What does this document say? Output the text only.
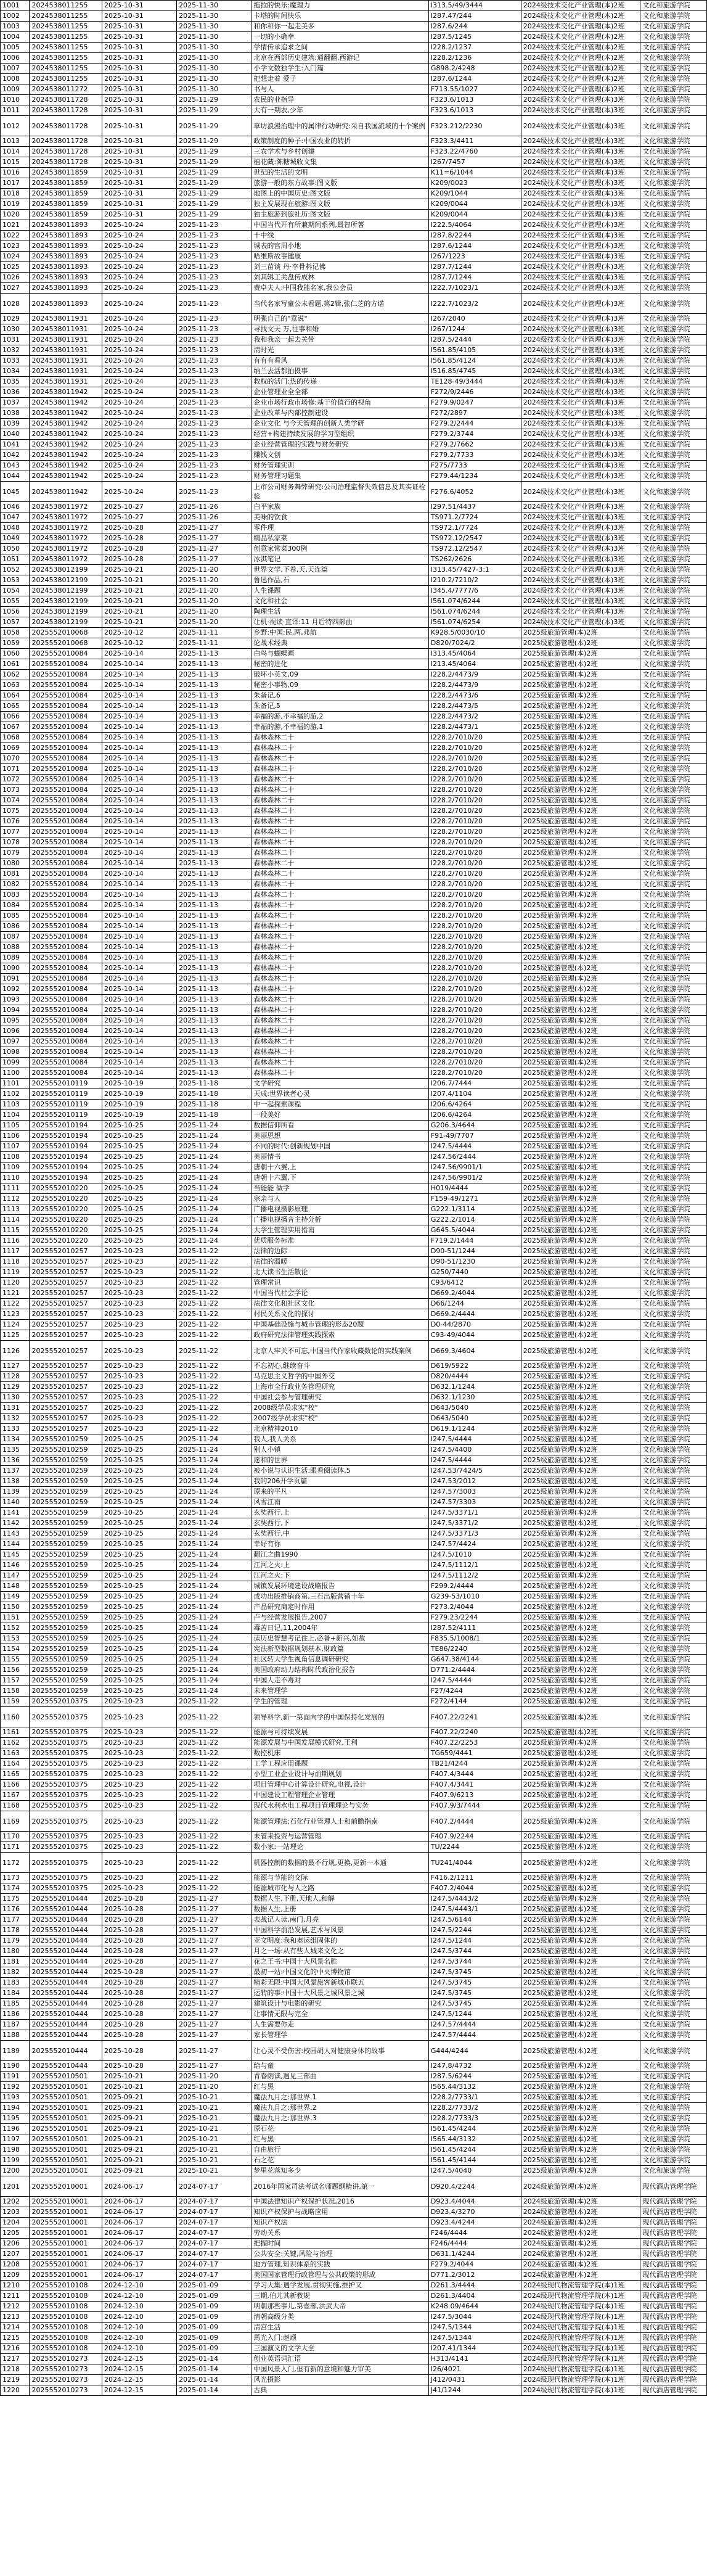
1001	2024538011255	2025-10-31	2025-11-30	拖拉的快乐:魔理力	I313.5/49/3444	2024级技术交化产业管理(本)2班	文化和旅游学院
1002	2024538011255	2025-10-31	2025-11-30	卡塔的时间快乐	I287.47/244	2024级技术交化产业管理(本)2班	文化和旅游学院
1003	2024538011255	2025-10-31	2025-11-30	和你和你一起走美多	I287.6/244	2024级技术交化产业管理(本)2班	文化和旅游学院
1004	2024538011255	2025-10-31	2025-11-30	一切的小确幸	I287.5/1245	2024级技术交化产业管理(本)2班	文化和旅游学院
1005	2024538011255	2025-10-31	2025-11-30	学情传承追求之间	I228.2/1237	2024级技术交化产业管理(本)2班	文化和旅游学院
1006	2024538011255	2025-10-31	2025-11-30	北京在西部历史建筑:通翻翻,西游记	I228.2/1236	2024级技术交化产业管理(本)2班	文化和旅游学院
1007	2024538011255	2025-10-31	2025-11-30	小学文数独学生:入门篇	G898.2/4248	2024级技术交化产业管理(本)2班	文化和旅游学院
1008	2024538011255	2025-10-31	2025-11-30	把想走着 爱子	I287.6/1244	2024级技术交化产业管理(本)2班	文化和旅游学院
1009	2024538011272	2025-10-31	2025-11-30	书与人	F713.55/1027	2024级技术交化产业管理(本)2班	文化和旅游学院
1010	2024538011728	2025-10-31	2025-11-29	农民的业指导	F323.6/1013	2024级技术交化产业管理(本)3班	文化和旅游学院
1011	2024538011728	2025-10-31	2025-11-29	大有一期农,少年	F323.6/1013	2024级技术交化产业管理(本)3班	文化和旅游学院
1012	2024538011728	2025-10-31	2025-11-29	草坊浪漫治理中的属律行动研究:采自我国流域的十个案例	F323.212/2230	2024级技术交化产业管理(本)3班	文化和旅游学院
1013	2024538011728	2025-10-31	2025-11-29	政策制度的种子:中国农业的转折	F323.3/4411	2024级技术交化产业管理(本)3班	文化和旅游学院
1014	2024538011728	2025-10-31	2025-11-29	三农学术与乡村创建	F323.22/4760	2024级技术交化产业管理(本)3班	文化和旅游学院
1015	2024538011728	2025-10-31	2025-11-29	植花藏:陈糖城收文集	I267/7457	2024级技术交化产业管理(本)3班	文化和旅游学院
1016	2024538011859	2025-10-31	2025-11-29	世纪的生活的文明	K11=6/1044	2024级技术交化产业管理(本)3班	文化和旅游学院
1017	2024538011859	2025-10-31	2025-11-29	旅游一般的东方故事:图文版	K209/0023	2024级技术交化产业管理(本)3班	文化和旅游学院
1018	2024538011859	2025-10-31	2025-11-29	地图上的中国历史:图文版	K209/1044	2024级技术交化产业管理(本)3班	文化和旅游学院
1019	2024538011859	2025-10-31	2025-11-29	独主发展现在旅游:图文版	K209/0044	2024级技术交化产业管理(本)3班	文化和旅游学院
1020	2024538011859	2025-10-31	2025-11-29	独主旅游到旅社历:图文版	K209/0044	2024级技术交化产业管理(本)3班	文化和旅游学院
1021	2024538011893	2025-10-24	2025-11-23	中国当代开有所兼期间系列,最智所著	I222.5/4064	2024级技术交化产业管理(本)3班	文化和旅游学院
1022	2024538011893	2025-10-24	2025-11-23	十中线	I287.8/2244	2024级技术交化产业管理(本)3班	文化和旅游学院
1023	2024538011893	2025-10-24	2025-11-23	城表的宫周小地	I287.6/1244	2024级技术交化产业管理(本)3班	文化和旅游学院
1024	2024538011893	2025-10-24	2025-11-23	哈维斯故事健康	I267/1223	2024级技术交化产业管理(本)3班	文化和旅游学院
1025	2024538011893	2025-10-24	2025-11-23	刘三苗谈 丹·李骨料记佛	I287.7/1244	2024级技术交化产业管理(本)3班	文化和旅游学院
1026	2024538011893	2025-10-24	2025-11-23	刘其辑工关盘传成林	I287.7/1244	2024级技术交化产业管理(本)3班	文化和旅游学院
1027	2024538011893	2025-10-24	2025-11-23	费卓夫人:中国我能名家,我公会员	I222.7/1023/1	2024级技术交化产业管理(本)3班	文化和旅游学院
1028	2024538011893	2025-10-24	2025-11-23	当代名家写童公未看题,第2辑,张仁芝的方诺	I222.7/1023/2	2024级技术交化产业管理(本)3班	文化和旅游学院
1029	2024538011931	2025-10-24	2025-11-23	明强自己的"意说"	I267/2040	2024级技术交化产业管理(本)3班	文化和旅游学院
1030	2024538011931	2025-10-24	2025-11-23	寻找文天 万,往事和婚	I267/1244	2024级技术交化产业管理(本)3班	文化和旅游学院
1031	2024538011931	2025-10-24	2025-11-23	我和我亲一起去关带	I287.5/2444	2024级技术交化产业管理(本)3班	文化和旅游学院
1032	2024538011931	2025-10-24	2025-11-23	清时光	I561.85/4105	2024级技术交化产业管理(本)3班	文化和旅游学院
1033	2024538011931	2025-10-24	2025-11-23	有有有看风	I561.85/4124	2024级技术交化产业管理(本)3班	文化和旅游学院
1034	2024538011931	2025-10-24	2025-11-23	纳兰去活都拍摄事	I516.85/4745	2024级技术交化产业管理(本)3班	文化和旅游学院
1035	2024538011931	2025-10-24	2025-11-23	救权的活门:热的传递	TE128-49/3444	2024级技术交化产业管理(本)3班	文化和旅游学院
1036	2024538011942	2025-10-24	2025-11-23	企业管理业全全部	F272/9/2446	2024级技术交化产业管理(本)3班	文化和旅游学院
1037	2024538011942	2025-10-24	2025-11-23	企业市场行政市场修:基于价值行的视角	F279.9/0247	2024级技术交化产业管理(本)3班	文化和旅游学院
1038	2024538011942	2025-10-24	2025-11-23	企业改革与内部控制建设	F272/2897	2024级技术交化产业管理(本)3班	文化和旅游学院
1039	2024538011942	2025-10-24	2025-11-23	企业文化 与今天管理的创新人类学研	F279.2/2444	2024级技术交化产业管理(本)3班	文化和旅游学院
1040	2024538011942	2025-10-24	2025-11-23	经营+构建持续发展的学习型组织	F279.2/3744	2024级技术交化产业管理(本)3班	文化和旅游学院
1041	2024538011942	2025-10-24	2025-11-23	企业经营管理的实践与财务研究	F279.2/7662	2024级技术交化产业管理(本)3班	文化和旅游学院
1042	2024538011942	2025-10-24	2025-11-23	赚钱文创	F279.2/7733	2024级技术交化产业管理(本)3班	文化和旅游学院
1043	2024538011942	2025-10-24	2025-11-23	财务管理实训	F275/7733	2024级技术交化产业管理(本)3班	文化和旅游学院
1044	2024538011942	2025-10-24	2025-11-23	财务管理习题集	F279.44/1234	2024级技术交化产业管理(本)3班	文化和旅游学院
1045	2024538011942	2025-10-24	2025-11-23	上市公司财务舞弊研究:公司治理监督失效信息及其实证检验	F276.6/4052	2024级技术交化产业管理(本)3班	文化和旅游学院
1046	2024538011972	2025-10-27	2025-11-26	白平家族	I297.51/4437	2024级技术交化产业管理(本)3班	文化和旅游学院
1047	2024538011972	2025-10-27	2025-11-26	美味的饮食	TS971.2/7724	2024级技术交化产业管理(本)3班	文化和旅游学院
1048	2024538011972	2025-10-28	2025-11-27	零件理	TS972.1/7724	2024级技术交化产业管理(本)3班	文化和旅游学院
1049	2024538011972	2025-10-28	2025-11-27	精品私家菜	TS972.12/2547	2024级技术交化产业管理(本)3班	文化和旅游学院
1050	2024538011972	2025-10-28	2025-11-27	创意家常菜300例	TS972.12/2547	2024级技术交化产业管理(本)3班	文化和旅游学院
1051	2024538011972	2025-10-28	2025-11-27	冰淇笔记	TS262/2626	2024级技术交化产业管理(本)3班	文化和旅游学院
1052	2024538012199	2025-10-21	2025-11-20	世界文学,下卷,天,天连篇	I313.45/7427-3:1	2024级技术交化产业管理(本)3班	文化和旅游学院
1053	2024538012199	2025-10-21	2025-11-20	鲁迅作品,石	I210.2/7210/2	2024级技术交化产业管理(本)3班	文化和旅游学院
1054	2024538012199	2025-10-21	2025-11-20	人生课题	I345.4/7777/6	2024级技术交化产业管理(本)3班	文化和旅游学院
1055	2024538012199	2025-10-21	2025-11-20	文化和社会	I561.074/6244	2024级技术交化产业管理(本)3班	文化和旅游学院
1056	2024538012199	2025-10-21	2025-11-20	陶理生活	I561.074/6244	2024级技术交化产业管理(本)3班	文化和旅游学院
1057	2024538012199	2025-10-21	2025-11-20	让机·视读·直译:11 月后特四部曲	I561.074/6254	2024级技术交化产业管理(本)3班	文化和旅游学院
1058	2025552010068	2025-10-12	2025-11-11	乡野:中国:民,两,弗航	K928.5/0030/10	2025级旅游管理(本)2班	文化和旅游学院
1059	2025552010068	2025-10-12	2025-11-11	论战术经典	D820/7024/2	2025级旅游管理(本)2班	文化和旅游学院
1060	2025552010084	2025-10-14	2025-11-13	白鸟与蝴蝶画	I313.45/4064	2025级旅游管理(本)2班	文化和旅游学院
1061	2025552010084	2025-10-14	2025-11-13	秘密的进化	I213.45/4064	2025级旅游管理(本)2班	文化和旅游学院
1062	2025552010084	2025-10-14	2025-11-13	破坏小英文,09	I228.2/4473/9	2025级旅游管理(本)2班	文化和旅游学院
1063	2025552010084	2025-10-14	2025-11-13	秘密小事物,09	I228.2/4473/9	2025级旅游管理(本)2班	文化和旅游学院
1064	2025552010084	2025-10-14	2025-11-13	朱备记,6	I228.2/4473/6	2025级旅游管理(本)2班	文化和旅游学院
1065	2025552010084	2025-10-14	2025-11-13	朱备记,5	I228.2/4473/5	2025级旅游管理(本)2班	文化和旅游学院
1066	2025552010084	2025-10-14	2025-11-13	幸福的游,不幸福的游,2	I228.2/4473/2	2025级旅游管理(本)2班	文化和旅游学院
1067	2025552010084	2025-10-14	2025-11-13	幸福的游,不幸福的游,1	I228.2/4473/1	2025级旅游管理(本)2班	文化和旅游学院
1068	2025552010084	2025-10-14	2025-11-13	森林森林二十	I228.2/7010/20	2025级旅游管理(本)2班	文化和旅游学院
1069	2025552010084	2025-10-14	2025-11-13	森林森林二十	I228.2/7010/20	2025级旅游管理(本)2班	文化和旅游学院
1070	2025552010084	2025-10-14	2025-11-13	森林森林二十	I228.2/7010/20	2025级旅游管理(本)2班	文化和旅游学院
1071	2025552010084	2025-10-14	2025-11-13	森林森林二十	I228.2/7010/20	2025级旅游管理(本)2班	文化和旅游学院
1072	2025552010084	2025-10-14	2025-11-13	森林森林二十	I228.2/7010/20	2025级旅游管理(本)2班	文化和旅游学院
1073	2025552010084	2025-10-14	2025-11-13	森林森林二十	I228.2/7010/20	2025级旅游管理(本)2班	文化和旅游学院
1074	2025552010084	2025-10-14	2025-11-13	森林森林二十	I228.2/7010/20	2025级旅游管理(本)2班	文化和旅游学院
1075	2025552010084	2025-10-14	2025-11-13	森林森林二十	I228.2/7010/20	2025级旅游管理(本)2班	文化和旅游学院
1076	2025552010084	2025-10-14	2025-11-13	森林森林二十	I228.2/7010/20	2025级旅游管理(本)2班	文化和旅游学院
1077	2025552010084	2025-10-14	2025-11-13	森林森林二十	I228.2/7010/20	2025级旅游管理(本)2班	文化和旅游学院
1078	2025552010084	2025-10-14	2025-11-13	森林森林二十	I228.2/7010/20	2025级旅游管理(本)2班	文化和旅游学院
1079	2025552010084	2025-10-14	2025-11-13	森林森林二十	I228.2/7010/20	2025级旅游管理(本)2班	文化和旅游学院
1080	2025552010084	2025-10-14	2025-11-13	森林森林二十	I228.2/7010/20	2025级旅游管理(本)2班	文化和旅游学院
1081	2025552010084	2025-10-14	2025-11-13	森林森林二十	I228.2/7010/20	2025级旅游管理(本)2班	文化和旅游学院
1082	2025552010084	2025-10-14	2025-11-13	森林森林二十	I228.2/7010/20	2025级旅游管理(本)2班	文化和旅游学院
1083	2025552010084	2025-10-14	2025-11-13	森林森林二十	I228.2/7010/20	2025级旅游管理(本)2班	文化和旅游学院
1084	2025552010084	2025-10-14	2025-11-13	森林森林二十	I228.2/7010/20	2025级旅游管理(本)2班	文化和旅游学院
1085	2025552010084	2025-10-14	2025-11-13	森林森林二十	I228.2/7010/20	2025级旅游管理(本)2班	文化和旅游学院
1086	2025552010084	2025-10-14	2025-11-13	森林森林二十	I228.2/7010/20	2025级旅游管理(本)2班	文化和旅游学院
1087	2025552010084	2025-10-14	2025-11-13	森林森林二十	I228.2/7010/20	2025级旅游管理(本)2班	文化和旅游学院
1088	2025552010084	2025-10-14	2025-11-13	森林森林二十	I228.2/7010/20	2025级旅游管理(本)2班	文化和旅游学院
1089	2025552010084	2025-10-14	2025-11-13	森林森林二十	I228.2/7010/20	2025级旅游管理(本)2班	文化和旅游学院
1090	2025552010084	2025-10-14	2025-11-13	森林森林二十	I228.2/7010/20	2025级旅游管理(本)2班	文化和旅游学院
1091	2025552010084	2025-10-14	2025-11-13	森林森林二十	I228.2/7010/20	2025级旅游管理(本)2班	文化和旅游学院
1092	2025552010084	2025-10-14	2025-11-13	森林森林二十	I228.2/7010/20	2025级旅游管理(本)2班	文化和旅游学院
1093	2025552010084	2025-10-14	2025-11-13	森林森林二十	I228.2/7010/20	2025级旅游管理(本)2班	文化和旅游学院
1094	2025552010084	2025-10-14	2025-11-13	森林森林二十	I228.2/7010/20	2025级旅游管理(本)2班	文化和旅游学院
1095	2025552010084	2025-10-14	2025-11-13	森林森林二十	I228.2/7010/20	2025级旅游管理(本)2班	文化和旅游学院
1096	2025552010084	2025-10-14	2025-11-13	森林森林二十	I228.2/7010/20	2025级旅游管理(本)2班	文化和旅游学院
1097	2025552010084	2025-10-14	2025-11-13	森林森林二十	I228.2/7010/20	2025级旅游管理(本)2班	文化和旅游学院
1098	2025552010084	2025-10-14	2025-11-13	森林森林二十	I228.2/7010/20	2025级旅游管理(本)2班	文化和旅游学院
1099	2025552010084	2025-10-14	2025-11-13	森林森林二十	I228.2/7010/20	2025级旅游管理(本)2班	文化和旅游学院
1100	2025552010084	2025-10-14	2025-11-13	森林森林二十	I228.2/7010/20	2025级旅游管理(本)2班	文化和旅游学院
1101	2025552010119	2025-10-19	2025-11-18	文学研究	I206.7/7444	2025级旅游管理(本)2班	文化和旅游学院
1102	2025552010119	2025-10-19	2025-11-18	天成:世界读者心灵	I207.4/1104	2025级旅游管理(本)2班	文化和旅游学院
1103	2025552010119	2025-10-19	2025-11-18	中一起探索课程	I206.6/4264	2025级旅游管理(本)2班	文化和旅游学院
1104	2025552010119	2025-10-19	2025-11-18	一段美好	I206.6/4264	2025级旅游管理(本)2班	文化和旅游学院
1105	2025552010194	2025-10-25	2025-11-24	数据信仰所看	G206.3/4644	2025级旅游管理(本)2班	文化和旅游学院
1106	2025552010194	2025-10-25	2025-11-24	美丽思想	F91-49/7707	2025级旅游管理(本)2班	文化和旅游学院
1107	2025552010194	2025-10-25	2025-11-24	不同的时代:创新规划中国	I247.5/4444	2025级旅游管理(本)2班	文化和旅游学院
1108	2025552010194	2025-10-25	2025-11-24	美丽情书	I247.56/2444	2025级旅游管理(本)2班	文化和旅游学院
1109	2025552010194	2025-10-25	2025-11-24	唐朝十六翼,上	I247.56/9901/1	2025级旅游管理(本)2班	文化和旅游学院
1110	2025552010194	2025-10-25	2025-11-24	唐朝十六翼,下	I247.56/9901/2	2025级旅游管理(本)2班	文化和旅游学院
1111	2025552010220	2025-10-25	2025-11-24	当能能 做学	H019/4444	2025级旅游管理(本)2班	文化和旅游学院
1112	2025552010220	2025-10-25	2025-11-24	宗亲与人	F159-49/1271	2025级旅游管理(本)2班	文化和旅游学院
1113	2025552010220	2025-10-25	2025-11-24	广播电视摄影原理	G222.1/3114	2025级旅游管理(本)2班	文化和旅游学院
1114	2025552010220	2025-10-25	2025-11-24	广播电视播音主持分析	G222.2/1014	2025级旅游管理(本)2班	文化和旅游学院
1115	2025552010220	2025-10-25	2025-11-24	大学生管理实用指南	G645.5/4044	2025级旅游管理(本)2班	文化和旅游学院
1116	2025552010220	2025-10-25	2025-11-24	优质服务标准	F719.2/1444	2025级旅游管理(本)2班	文化和旅游学院
1117	2025552010257	2025-10-23	2025-11-22	法律的边际	D90-51/1244	2025级旅游管理(本)2班	文化和旅游学院
1118	2025552010257	2025-10-23	2025-11-22	法律的温暖	D90-51/1230	2025级旅游管理(本)2班	文化和旅游学院
1119	2025552010257	2025-10-23	2025-11-22	北大读书生活散论	G250/7440	2025级旅游管理(本)2班	文化和旅游学院
1120	2025552010257	2025-10-23	2025-11-22	管理常识	C93/6412	2025级旅游管理(本)2班	文化和旅游学院
1121	2025552010257	2025-10-23	2025-11-22	中国当代社会学论	D669.2/4044	2025级旅游管理(本)2班	文化和旅游学院
1122	2025552010257	2025-10-23	2025-11-22	法律文化和社区文化	D66/1244	2025级旅游管理(本)2班	文化和旅游学院
1123	2025552010257	2025-10-23	2025-11-22	村民关系文化的探讨	D669.2/4444	2025级旅游管理(本)2班	文化和旅游学院
1124	2025552010257	2025-10-23	2025-11-22	中国基础设施与城市管理的形态20题	D0-44/2870	2025级旅游管理(本)2班	文化和旅游学院
1125	2025552010257	2025-10-23	2025-11-22	政府研究法律管理实践探索	C93-49/4044	2025级旅游管理(本)2班	文化和旅游学院
1126	2025552010257	2025-10-23	2025-11-22	北京人牢关不可忘,中国当代作家收藏数论的实践案例	D669.3/4604	2025级旅游管理(本)2班	文化和旅游学院
1127	2025552010257	2025-10-23	2025-11-22	不忘初心,继续奋斗	D619/5922	2025级旅游管理(本)2班	文化和旅游学院
1128	2025552010257	2025-10-23	2025-11-22	马克思主义哲学的中国外交	D820/4444	2025级旅游管理(本)2班	文化和旅游学院
1129	2025552010257	2025-10-23	2025-11-22	上海市全行政业务管理研究	D632.1/1244	2025级旅游管理(本)2班	文化和旅游学院
1130	2025552010257	2025-10-23	2025-11-22	中国社会参与管理研究	D632.1/1230	2025级旅游管理(本)2班	文化和旅游学院
1131	2025552010257	2025-10-23	2025-11-22	2008级学员求实"校"	D643/5040	2025级旅游管理(本)2班	文化和旅游学院
1132	2025552010257	2025-10-23	2025-11-22	2007级学员求实"校"	D643/5040	2025级旅游管理(本)2班	文化和旅游学院
1133	2025552010257	2025-10-23	2025-11-22	北京精神2010	D619.1/1244	2025级旅游管理(本)2班	文化和旅游学院
1134	2025552010259	2025-10-25	2025-11-24	我人,我人关系	I247.5/4444	2025级旅游管理(本)2班	文化和旅游学院
1135	2025552010259	2025-10-25	2025-11-24	别人小镇	I247.5/4400	2025级旅游管理(本)2班	文化和旅游学院
1136	2025552010259	2025-10-25	2025-11-24	愿和的世界	I247.5/4444	2025级旅游管理(本)2班	文化和旅游学院
1137	2025552010259	2025-10-25	2025-11-24	被小说与认识生活:眼看阅读体,5	I247.53/7424/5	2025级旅游管理(本)2班	文化和旅游学院
1138	2025552010259	2025-10-25	2025-11-24	我的206开学页篇	I247.53/2012	2025级旅游管理(本)2班	文化和旅游学院
1139	2025552010259	2025-10-25	2025-11-24	原来的平凡	I247.57/3003	2025级旅游管理(本)2班	文化和旅游学院
1140	2025552010259	2025-10-25	2025-11-24	风雪江南	I247.57/3303	2025级旅游管理(本)2班	文化和旅游学院
1141	2025552010259	2025-10-25	2025-11-24	玄奘西行,上	I247.5/3371/1	2025级旅游管理(本)2班	文化和旅游学院
1142	2025552010259	2025-10-25	2025-11-24	玄奘西行,下	I247.5/3371/2	2025级旅游管理(本)2班	文化和旅游学院
1143	2025552010259	2025-10-25	2025-11-24	玄奘西行,中	I247.5/3371/3	2025级旅游管理(本)2班	文化和旅游学院
1144	2025552010259	2025-10-25	2025-11-24	幸好有你	I247.57/4424	2025级旅游管理(本)2班	文化和旅游学院
1145	2025552010259	2025-10-25	2025-11-24	翻江之曲1990	I247.5/1010	2025级旅游管理(本)2班	文化和旅游学院
1146	2025552010259	2025-10-25	2025-11-24	江河之火:上	I247.5/1112/1	2025级旅游管理(本)2班	文化和旅游学院
1147	2025552010259	2025-10-25	2025-11-24	江河之火:下	I247.5/1112/2	2025级旅游管理(本)2班	文化和旅游学院
1148	2025552010259	2025-10-25	2025-11-24	城镇发展环境建设战略报告	F299.2/4444	2025级旅游管理(本)2班	文化和旅游学院
1149	2025552010259	2025-10-25	2025-11-24	成功出版推销商第,三石出版营销十年	G239-53/1010	2025级旅游管理(本)2班	文化和旅游学院
1150	2025552010259	2025-10-25	2025-11-24	产品研究商定时作用	F273.2/4044	2025级旅游管理(本)2班	文化和旅游学院
1151	2025552010259	2025-10-25	2025-11-24	卢与经营发展报告,2007	F279.23/2244	2025级旅游管理(本)2班	文化和旅游学院
1152	2025552010259	2025-10-25	2025-11-24	毒苦日记,11,2004年	I287.52/4111	2025级旅游管理(本)2班	文化和旅游学院
1153	2025552010259	2025-10-25	2025-11-24	读历史智慧考记住上,必备+新兴,如故	F835.5/1008/1	2025级旅游管理(本)2班	文化和旅游学院
1154	2025552010259	2025-10-25	2025-11-24	宪法新型数据规划基本,财政篇	TE86/2240	2025级旅游管理(本)2班	文化和旅游学院
1155	2025552010259	2025-10-25	2025-11-24	社区转大学生视角信息调研研究	G647.38/4144	2025级旅游管理(本)2班	文化和旅游学院
1156	2025552010259	2025-10-25	2025-11-24	美国政府动力结构时代政治化报告	D771.2/4444	2025级旅游管理(本)2班	文化和旅游学院
1157	2025552010259	2025-10-25	2025-11-24	中国人走不毒对	I247.5/4444	2025级旅游管理(本)2班	文化和旅游学院
1158	2025552010259	2025-10-25	2025-11-24	未来管理学	F27/4244	2025级旅游管理(本)2班	文化和旅游学院
1159	2025552010375	2025-10-23	2025-11-22	学生的管理	F272/4144	2025级旅游管理(本)2班	文化和旅游学院
1160	2025552010375	2025-10-23	2025-11-22	领导科学,新一第面向学的中国保持化发展的	F407.22/2241	2025级旅游管理(本)2班	文化和旅游学院
1161	2025552010375	2025-10-23	2025-11-22	能源与可持续发展	F407.22/2240	2025级旅游管理(本)2班	文化和旅游学院
1162	2025552010375	2025-10-23	2025-11-22	能源发展与中国发展模式研究,王利	F407.22/2253	2025级旅游管理(本)2班	文化和旅游学院
1163	2025552010375	2025-10-23	2025-11-22	数控机床	TG659/4441	2025级旅游管理(本)2班	文化和旅游学院
1164	2025552010375	2025-10-23	2025-11-22	工学工程应用课题	TB21/4244	2025级旅游管理(本)2班	文化和旅游学院
1165	2025552010375	2025-10-23	2025-11-22	小型工业企业设计与前期规划	F407.4/3444	2025级旅游管理(本)2班	文化和旅游学院
1166	2025552010375	2025-10-23	2025-11-22	项目管理中心计算设计研究,电视,设计	F407.4/3441	2025级旅游管理(本)2班	文化和旅游学院
1167	2025552010375	2025-10-23	2025-11-22	中国建设工程管理企业管理	F407.9/6213	2025级旅游管理(本)2班	文化和旅游学院
1168	2025552010375	2025-10-23	2025-11-22	现代水利水电工程项目管理理论与实务	F407.9/3/7444	2025级旅游管理(本)2班	文化和旅游学院
1169	2025552010375	2025-10-23	2025-11-22	能源管理法:石化行业管理人士和前瞻指南	F407.2/4444	2025级旅游管理(本)2班	文化和旅游学院
1170	2025552010375	2025-10-23	2025-11-22	未管来投资与运营管理	F407.9/2244	2025级旅游管理(本)2班	文化和旅游学院
1171	2025552010375	2025-10-23	2025-11-22	数小家:一站理论	TU/2244	2025级旅游管理(本)2班	文化和旅游学院
1172	2025552010375	2025-10-23	2025-11-22	机器控制的数据的最不行规,更换,更新一本通	TU241/4044	2025级旅游管理(本)2班	文化和旅游学院
1173	2025552010375	2025-10-23	2025-11-22	能源与节能的交际	F416.2/1211	2025级旅游管理(本)2班	文化和旅游学院
1174	2025552010375	2025-10-23	2025-11-22	能源城市化与人之路	F407.2/4044	2025级旅游管理(本)2班	文化和旅游学院
1175	2025552010444	2025-10-28	2025-11-27	数据人生,下册,天地人,和解	I247.5/4443/2	2025级旅游管理(本)2班	文化和旅游学院
1176	2025552010444	2025-10-28	2025-11-27	数据人生,上册	I247.5/4443/1	2025级旅游管理(本)2班	文化和旅游学院
1177	2025552010444	2025-10-28	2025-11-27	表战记人读,南门,月亮	I247.5/6144	2025级旅游管理(本)2班	文化和旅游学院
1178	2025552010444	2025-10-28	2025-11-27	中国科学前沿发展,艺术与风景	I247.5/2244	2025级旅游管理(本)2班	文化和旅游学院
1179	2025552010444	2025-10-28	2025-11-27	亚文明度:我和奥运组固体的	I247.5/1244	2025级旅游管理(本)2班	文化和旅游学院
1180	2025552010444	2025-10-28	2025-11-27	月之一场:从有些人城来文化之	I247.5/3744	2025级旅游管理(本)2班	文化和旅游学院
1181	2025552010444	2025-10-28	2025-11-27	花之王书:中国十大风景名胜	I247.5/3744	2025级旅游管理(本)2班	文化和旅游学院
1182	2025552010444	2025-10-28	2025-11-27	最初一站:中国文化的中央博物馆	I247.5/3745	2025级旅游管理(本)2班	文化和旅游学院
1183	2025552010444	2025-10-28	2025-11-27	精彩无限:中国大风景旅客新城市联五	I247.5/3745	2025级旅游管理(本)2班	文化和旅游学院
1184	2025552010444	2025-10-28	2025-11-27	运转的事:中国十大风景之城风景之城	I247.5/3745	2025级旅游管理(本)2班	文化和旅游学院
1185	2025552010444	2025-10-28	2025-11-27	建筑设计与电影的研究	I247.5/3745	2025级旅游管理(本)2班	文化和旅游学院
1186	2025552010444	2025-10-28	2025-11-27	让事情无限与完全	I247.5/1244	2025级旅游管理(本)2班	文化和旅游学院
1187	2025552010444	2025-10-28	2025-11-27	人生需要你走	I247.57/4444	2025级旅游管理(本)2班	文化和旅游学院
1188	2025552010444	2025-10-28	2025-11-27	家长管理学	I247.57/4444	2025级旅游管理(本)2班	文化和旅游学院
1189	2025552010444	2025-10-28	2025-11-27	让心灵不受伤害:校园胡人对健康身体的故事	G444/4244	2025级旅游管理(本)2班	文化和旅游学院
1190	2025552010444	2025-10-28	2025-11-27	给与童	I247.8/4732	2025级旅游管理(本)2班	文化和旅游学院
1191	2025552010501	2025-10-21	2025-11-20	青春朗读,遇见三部曲	I287.5/6244	2025级旅游管理(本)2班	文化和旅游学院
1192	2025552010501	2025-10-21	2025-11-20	红与黑	I565.44/3132	2025级旅游管理(本)2班	文化和旅游学院
1193	2025552010501	2025-09-21	2025-10-21	魔法九月之:那世界.1	I228.2/7733/1	2025级旅游管理(本)2班	文化和旅游学院
1194	2025552010501	2025-09-21	2025-10-21	魔法九月之:那世界.2	I228.2/7733/2	2025级旅游管理(本)2班	文化和旅游学院
1195	2025552010501	2025-09-21	2025-10-21	魔法九月之:那世界.3	I228.2/7733/3	2025级旅游管理(本)2班	文化和旅游学院
1196	2025552010501	2025-09-21	2025-10-21	原石花	I561.45/4244	2025级旅游管理(本)2班	文化和旅游学院
1197	2025552010501	2025-09-21	2025-10-21	红与黑	I565.44/3132	2025级旅游管理(本)2班	文化和旅游学院
1198	2025552010501	2025-09-21	2025-10-21	自由旅行	I561.45/4244	2025级旅游管理(本)2班	文化和旅游学院
1199	2025552010501	2025-09-21	2025-10-21	石之花	I561.45/4144	2025级旅游管理(本)2班	文化和旅游学院
1200	2025552010501	2025-09-21	2025-10-21	梦里花落知多少	I247.5/4040	2025级旅游管理(本)2班	文化和旅游学院
1201	2025552010001	2024-06-17	2024-07-17	2016年国家司法考试名师题纲精讲,第一	D920.4/2244	2024级旅游管理(本)2班	现代酒店管理学院
1202	2025552010001	2024-06-17	2024-07-17	中国法律知识产权保护状况,2016	D923.4/4044	2024级旅游管理(本)2班	现代酒店管理学院
1203	2025552010001	2024-06-17	2024-07-17	知识产权保护与战略应用	D923.4/3270	2024级旅游管理(本)2班	现代酒店管理学院
1204	2025552010001	2024-06-17	2024-07-17	知识产权法	D923.4/4244	2024级旅游管理(本)2班	现代酒店管理学院
1205	2025552010001	2024-06-17	2024-07-17	劳动关系	F246/4444	2024级旅游管理(本)2班	现代酒店管理学院
1206	2025552010001	2024-06-17	2024-07-17	把握时间	F246/4444	2024级旅游管理(本)2班	现代酒店管理学院
1207	2025552010001	2024-06-17	2024-07-17	公共安全:关键,风险与治理	D631.1/4244	2024级旅游管理(本)2班	现代酒店管理学院
1208	2025552010001	2024-06-17	2024-07-17	地方管理,知识体系的实践	F279.2/4044	2024级旅游管理(本)2班	现代酒店管理学院
1209	2025552010001	2024-06-17	2024-07-17	美国国家管理行政管理与公共政策的形成	D771.2/3012	2024级旅游管理(本)2班	现代酒店管理学院
1210	2025552010108	2024-12-10	2025-01-09	学习大集:遇学发展,贯彻实施,推护又	D261.3/4444	2024级现代物流管理学院(本)1班	现代酒店管理学院
1211	2025552010108	2024-12-10	2025-01-09	三期,伯尤其新教规	D261.3/4404	2024级现代物流管理学院(本)1班	现代酒店管理学院
1212	2025552010108	2024-12-10	2025-01-09	明朝那些事儿,第壹部,洪武大帝	K248.09/4644	2024级现代物流管理学院(本)1班	现代酒店管理学院
1213	2025552010108	2024-12-10	2025-01-09	清朝高级分类	I247.5/3044	2024级现代物流管理学院(本)1班	现代酒店管理学院
1214	2025552010108	2024-12-10	2025-01-09	清宫生活	I247.5/1344	2024级现代物流管理学院(本)1班	现代酒店管理学院
1215	2025552010108	2024-12-10	2025-01-09	馬光入门:赵顽	I247.5/1344	2024级现代物流管理学院(本)1班	现代酒店管理学院
1216	2025552010108	2024-12-10	2025-01-09	三国演义的文学大全	I207.41/1344	2024级现代物流管理学院(本)1班	现代酒店管理学院
1217	2025552010273	2024-12-15	2025-01-14	创业英语词汇语	H313/4141	2024级现代物流管理学院(本)1班	现代酒店管理学院
1218	2025552010273	2024-12-15	2025-01-14	中国风景入门,但有新的意境和魅力审美	I26/4021	2024级现代物流管理学院(本)1班	现代酒店管理学院
1219	2025552010273	2024-12-15	2025-01-14	风光摄影	J412/0431	2024级现代物流管理学院(本)1班	现代酒店管理学院
1220	2025552010273	2024-12-15	2025-01-14	古典	J41/1244	2024级现代物流管理学院(本)1班	现代酒店管理学院
